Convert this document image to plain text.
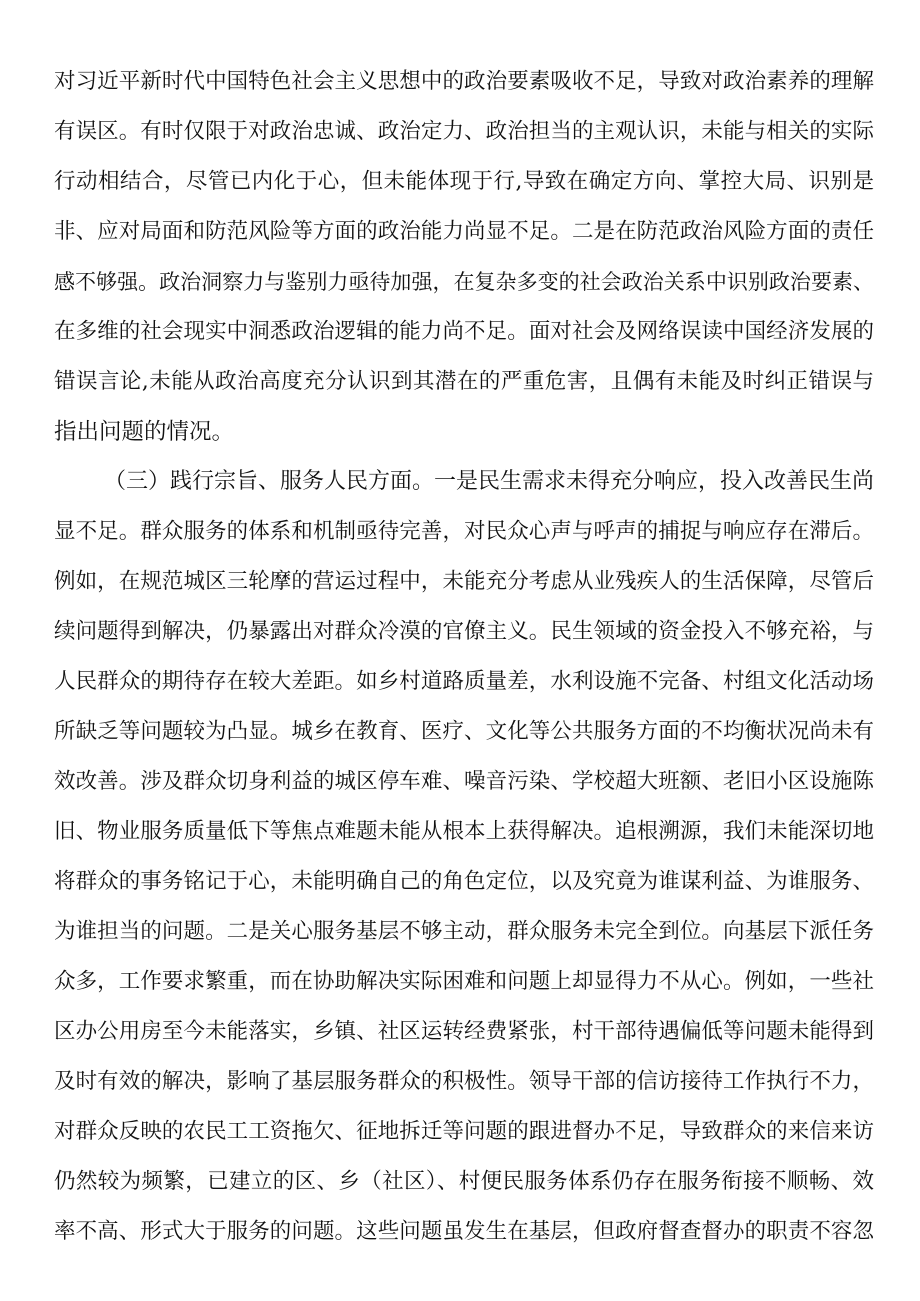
对习近平新时代中国特色社会主义思想中的政治要素吸收不足，导致对政治素养的理解
有误区。有时仅限于对政治忠诚、政治定力、政治担当的主观认识，未能与相关的实际
行动相结合，尽管已内化于心，但未能体现于行,导致在确定方向、掌控大局、识别是
非、应对局面和防范风险等方面的政治能力尚显不足。二是在防范政治风险方面的责任
感不够强。政治洞察力与鉴别力亟待加强，在复杂多变的社会政治关系中识别政治要素、
在多维的社会现实中洞悉政治逻辑的能力尚不足。面对社会及网络误读中国经济发展的
错误言论,未能从政治高度充分认识到其潜在的严重危害，且偶有未能及时纠正错误与
指出问题的情况。
（三）践行宗旨、服务人民方面。一是民生需求未得充分响应，投入改善民生尚
显不足。群众服务的体系和机制亟待完善，对民众心声与呼声的捕捉与响应存在滞后。
例如，在规范城区三轮摩的营运过程中，未能充分考虑从业残疾人的生活保障，尽管后
续问题得到解决，仍暴露出对群众冷漠的官僚主义。民生领域的资金投入不够充裕，与
人民群众的期待存在较大差距。如乡村道路质量差，水利设施不完备、村组文化活动场
所缺乏等问题较为凸显。城乡在教育、医疗、文化等公共服务方面的不均衡状况尚未有
效改善。涉及群众切身利益的城区停车难、噪音污染、学校超大班额、老旧小区设施陈
旧、物业服务质量低下等焦点难题未能从根本上获得解决。追根溯源，我们未能深切地
将群众的事务铭记于心，未能明确自己的角色定位，以及究竟为谁谋利益、为谁服务、
为谁担当的问题。二是关心服务基层不够主动，群众服务未完全到位。向基层下派任务
众多，工作要求繁重，而在协助解决实际困难和问题上却显得力不从心。例如，一些社
区办公用房至今未能落实，乡镇、社区运转经费紧张，村干部待遇偏低等问题未能得到
及时有效的解决，影响了基层服务群众的积极性。领导干部的信访接待工作执行不力，
对群众反映的农民工工资拖欠、征地拆迁等问题的跟进督办不足，导致群众的来信来访
仍然较为频繁，已建立的区、乡（社区）、村便民服务体系仍存在服务衔接不顺畅、效
率不高、形式大于服务的问题。这些问题虽发生在基层，但政府督查督办的职责不容忽
